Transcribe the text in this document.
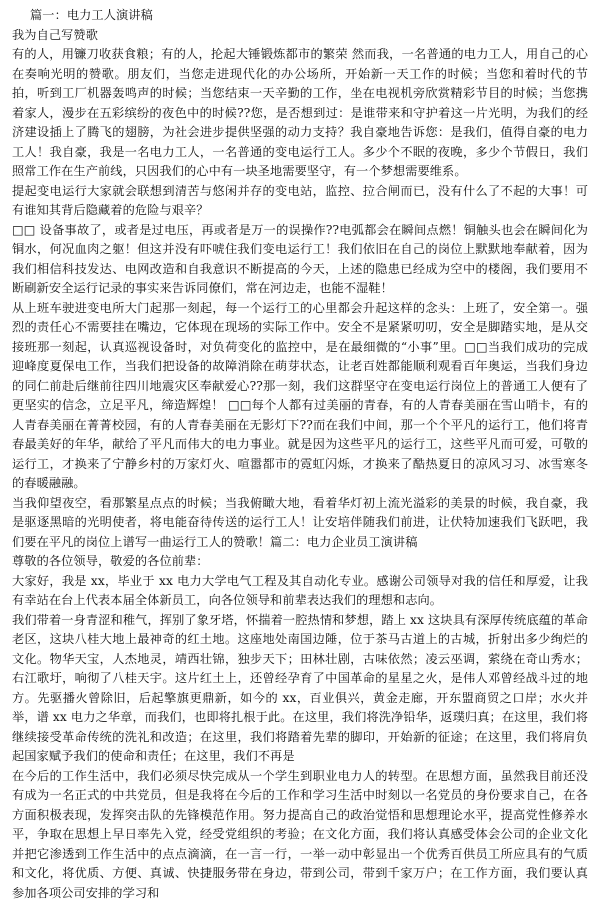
篇一：电力工人演讲稿

我为自己写赞歌

有的人，用镰刀收获食粮；有的人，抡起大锤锻炼都市的繁荣 然而我，一名普通的电力工人，用自己的心在奏响光明的赞歌。朋友们，当您走进现代化的办公场所，开始新一天工作的时候；当您和着时代的节拍，听到工厂机器轰鸣声的时候；当您结束一天辛勤的工作，坐在电视机旁欣赏精彩节目的时候；当您携着家人，漫步在五彩缤纷的夜色中的时候??您，是否想到过：是谁带来和守护着这一片光明，为我们的经济建设插上了腾飞的翅膀，为社会进步提供坚强的动力支持？我自豪地告诉您：是我们，值得自豪的电力工人！我自豪，我是一名电力工人，一名普通的变电运行工人。多少个不眠的夜晚，多少个节假日，我们照常工作在生产前线，只因我们的心中有一块圣地需要坚守，有一个梦想需要维系。

提起变电运行大家就会联想到清苦与悠闲并存的变电站，监控、拉合闸而已，没有什么了不起的大事！可有谁知其背后隐藏着的危险与艰辛？

□□ 设备事故了，或者是过电压，再或者是万一的误操作??电弧都会在瞬间点燃！铜触头也会在瞬间化为铜水，何况血肉之躯！但这并没有吓唬住我们变电运行工！我们依旧在自己的岗位上默默地奉献着，因为我们相信科技发达、电网改造和自我意识不断提高的今天，上述的隐患已经成为空中的楼阁，我们要用不断刷新安全运行记录的事实来告诉同僚们，常在河边走，也能不湿鞋！

从上班车驶进变电所大门起那一刻起，每一个运行工的心里都会升起这样的念头：上班了，安全第一。强烈的责任心不需要挂在嘴边，它体现在现场的实际工作中。安全不是紧紧叨叨，安全是脚踏实地，是从交接班那一刻起，认真巡视设备时，对负荷变化的监控中，是在最细微的“小事”里。□□当我们成功的完成迎峰度夏保电工作，当我们把设备的故障消除在萌芽状态，让老百姓都能顺利观看百年奥运，当我们身边的同仁前赴后继前往四川地震灾区奉献爱心??那一刻，我们这群坚守在变电运行岗位上的普通工人便有了更坚实的信念，立足平凡，缔造辉煌！ □□每个人都有过美丽的青春，有的人青春美丽在雪山哨卡，有的人青春美丽在菁菁校园，有的人青春美丽在无影灯下??而在我们中间，那一个个平凡的运行工，他们将青春最美好的年华，献给了平凡而伟大的电力事业。就是因为这些平凡的运行工，这些平凡而可爱，可敬的运行工，才换来了宁静乡村的万家灯火、喧嚣都市的霓虹闪烁，才换来了酷热夏日的凉风习习、冰雪寒冬的春暖融融。

当我仰望夜空，看那繁星点点的时候；当我俯瞰大地，看着华灯初上流光溢彩的美景的时候，我自豪，我是驱逐黑暗的光明使者，将电能奋待传送的运行工人！让安培伴随我们前进，让伏特加速我们飞跃吧，我们要在平凡的岗位上谱写一曲运行工人的赞歌！篇二：电力企业员工演讲稿

尊敬的各位领导，敬爱的各位前辈：

大家好，我是 xx，毕业于 xx 电力大学电气工程及其自动化专业。感谢公司领导对我的信任和厚爱，让我有幸站在台上代表本届全体新员工，向各位领导和前辈表达我们的理想和志向。

我们带着一身青涩和稚气，挥别了象牙塔，怀揣着一腔热情和梦想，踏上 xx 这块具有深厚传统底蕴的革命老区，这块八桂大地上最神奇的红土地。这座地处南国边陲，位于茶马古道上的古城，折射出多少绚烂的文化。物华天宝，人杰地灵，靖西壮锦，独步天下；田林壮剧，古味依然；凌云巫调，萦绕在奇山秀水；右江歌圩，响彻了八桂天宇。这片红土上，还曾经孕育了中国革命的星星之火，是伟人邓曾经战斗过的地方。先驱播火曾除旧，后起擎旗更鼎新，如今的 xx，百业俱兴，黄金走廊，开东盟商贸之口岸；水火并举，谱 xx 电力之华章，而我们，也即将扎根于此。在这里，我们将洗净铅华，返璞归真；在这里，我们将继续接受革命传统的洗礼和改造；在这里，我们将踏着先辈的脚印，开始新的征途；在这里，我们将肩负起国家赋予我们的使命和责任；在这里，我们不再是

在今后的工作生活中，我们必须尽快完成从一个学生到职业电力人的转型。在思想方面，虽然我目前还没有成为一名正式的中共党员，但是我将在今后的工作和学习生活中时刻以一名党员的身份要求自己，在各方面积极表现，发挥突击队的先锋模范作用。努力提高自己的政治觉悟和思想理论水平，提高党性修养水平，争取在思想上早日率先入党，经受党组织的考验；在文化方面，我们将认真感受体会公司的企业文化并把它渗透到工作生活中的点点滴滴，在一言一行，一举一动中彰显出一个优秀百供员工所应具有的气质和文化，将优质、方便、真诚、快捷服务带在身边，带到公司，带到千家万户；在工作方面，我们要认真参加各项公司安排的学习和
